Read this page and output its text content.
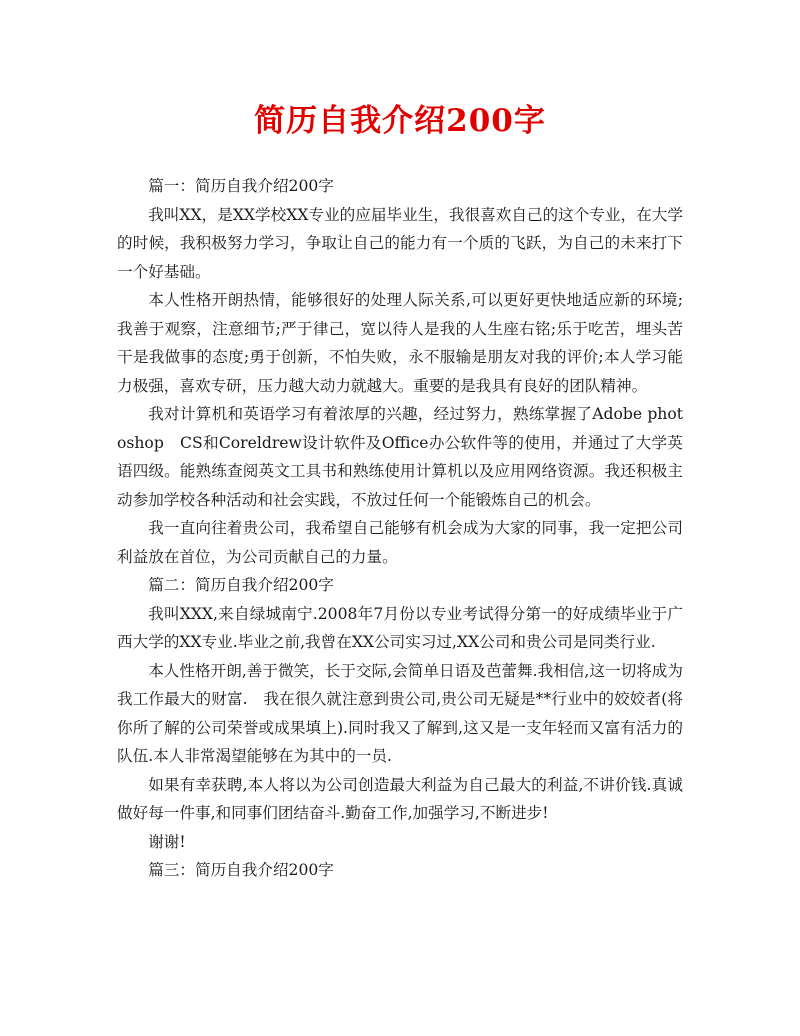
简历自我介绍200字

篇一：简历自我介绍200字

我叫XX，是XX学校XX专业的应届毕业生，我很喜欢自己的这个专业，在大学的时候，我积极努力学习，争取让自己的能力有一个质的飞跃，为自己的未来打下一个好基础。

本人性格开朗热情，能够很好的处理人际关系,可以更好更快地适应新的环境;我善于观察，注意细节;严于律己，宽以待人是我的人生座右铭;乐于吃苦，埋头苦干是我做事的态度;勇于创新，不怕失败，永不服输是朋友对我的评价;本人学习能力极强，喜欢专研，压力越大动力就越大。重要的是我具有良好的团队精神。

我对计算机和英语学习有着浓厚的兴趣，经过努力，熟练掌握了Adobe photoshop　CS和Coreldrew设计软件及Office办公软件等的使用，并通过了大学英语四级。能熟练查阅英文工具书和熟练使用计算机以及应用网络资源。我还积极主动参加学校各种活动和社会实践，不放过任何一个能锻炼自己的机会。

我一直向往着贵公司，我希望自己能够有机会成为大家的同事，我一定把公司利益放在首位，为公司贡献自己的力量。

篇二：简历自我介绍200字

我叫XXX,来自绿城南宁.2008年7月份以专业考试得分第一的好成绩毕业于广西大学的XX专业.毕业之前,我曾在XX公司实习过,XX公司和贵公司是同类行业.

本人性格开朗,善于微笑，长于交际,会简单日语及芭蕾舞.我相信,这一切将成为我工作最大的财富.　我在很久就注意到贵公司,贵公司无疑是**行业中的姣姣者(将你所了解的公司荣誉或成果填上).同时我又了解到,这又是一支年轻而又富有活力的队伍.本人非常渴望能够在为其中的一员.

如果有幸获聘,本人将以为公司创造最大利益为自己最大的利益,不讲价钱.真诚做好每一件事,和同事们团结奋斗.勤奋工作,加强学习,不断进步!

谢谢!

篇三：简历自我介绍200字
